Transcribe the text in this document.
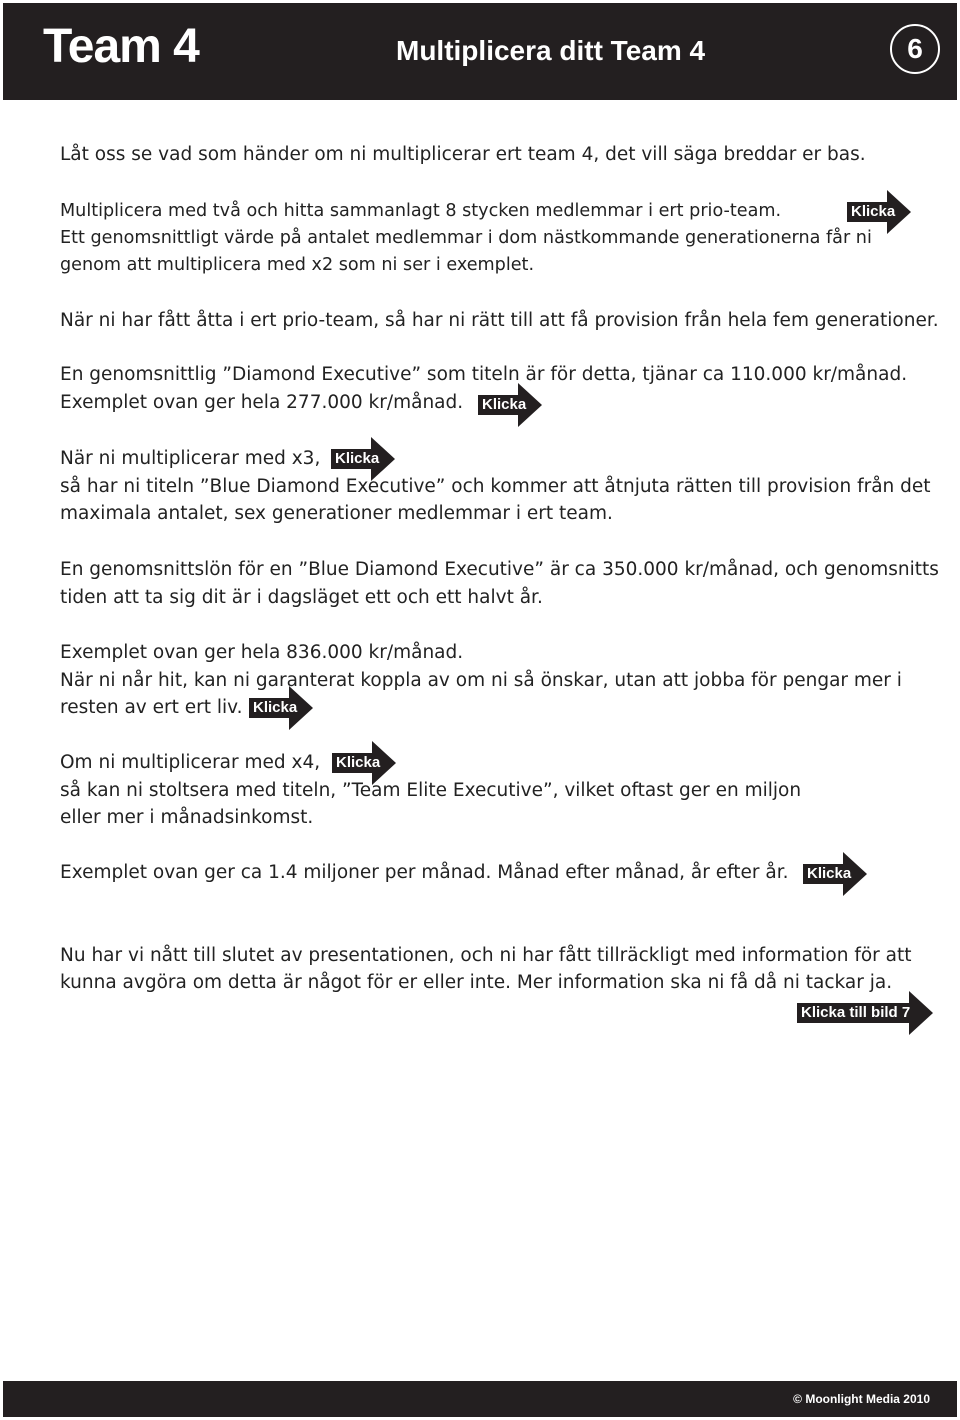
Team 4	Multiplicera ditt Team 4	6
Låt oss se vad som händer om ni multiplicerar ert team 4, det vill säga breddar er bas.
Multiplicera med två och hitta sammanlagt 8 stycken medlemmar i ert prio-team.
Ett genomsnittligt värde på antalet medlemmar i dom nästkommande generationerna får ni
genom att multiplicera med x2 som ni ser i exemplet.
När ni har fått åtta i ert prio-team, så har ni rätt till att få provision från hela fem generationer.
En genomsnittlig ”Diamond Executive” som titeln är för detta, tjänar ca 110.000 kr/månad.
Exemplet ovan ger hela 277.000 kr/månad.
När ni multiplicerar med x3,
så har ni titeln ”Blue Diamond Executive” och kommer att åtnjuta rätten till provision från det
maximala antalet, sex generationer medlemmar i ert team.
En genomsnittslön för en ”Blue Diamond Executive” är ca 350.000 kr/månad, och genomsnitts
tiden att ta sig dit är i dagsläget ett och ett halvt år.
Exemplet ovan ger hela 836.000 kr/månad.
När ni når hit, kan ni garanterat koppla av om ni så önskar, utan att jobba för pengar mer i
resten av ert ert liv.
Om ni multiplicerar med x4,
så kan ni stoltsera med titeln, ”Team Elite Executive”, vilket oftast ger en miljon
eller mer i månadsinkomst.
Exemplet ovan ger ca 1.4 miljoner per månad. Månad efter månad, år efter år.
Nu har vi nått till slutet av presentationen, och ni har fått tillräckligt med information för att
kunna avgöra om detta är något för er eller inte. Mer information ska ni få då ni tackar ja.
Klicka
Klicka
Klicka
Klicka
Klicka
Klicka
Klicka till bild 7
© Moonlight Media 2010
